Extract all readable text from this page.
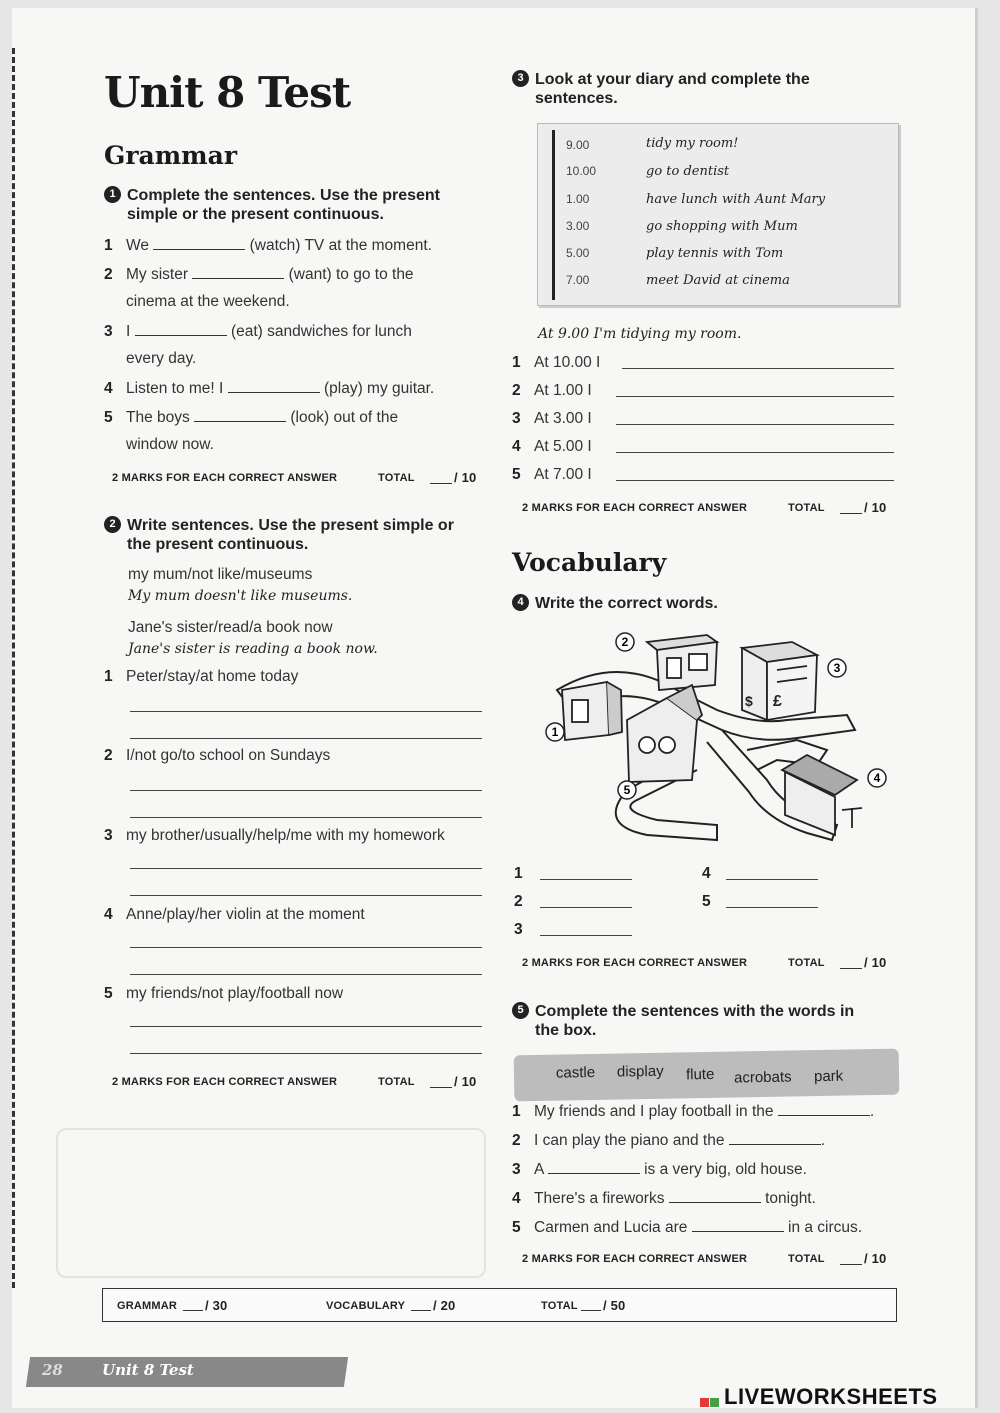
Unit 8 Test
Grammar
1 Complete the sentences. Use the present simple or the present continuous.
1 We	(watch) TV at the moment.
2 My sister	(want) to go to the
cinema at the weekend.
3 I	(eat) sandwiches for lunch
every day.
4 Listen to me! I	(play) my guitar.
5 The boys	(look) out of the
window now.
2 MARKS FOR EACH CORRECT ANSWER	TOTAL	/ 10
2 Write sentences. Use the present simple or the present continuous.
my mum/not like/museums
My mum doesn't like museums.
Jane's sister/read/a book now
Jane's sister is reading a book now.
1 Peter/stay/at home today
2 I/not go/to school on Sundays
3 my brother/usually/help/me with my homework
4 Anne/play/her violin at the moment
5 my friends/not play/football now
2 MARKS FOR EACH CORRECT ANSWER	TOTAL	/ 10
3 Look at your diary and complete the sentences.
9.00	tidy my room!
10.00	go to dentist
1.00	have lunch with Aunt Mary
3.00	go shopping with Mum
5.00	play tennis with Tom
7.00	meet David at cinema
At 9.00 I'm tidying my room.
1 At 10.00 I
2 At 1.00 I
3 At 3.00 I
4 At 5.00 I
5 At 7.00 I
2 MARKS FOR EACH CORRECT ANSWER	TOTAL	/ 10
Vocabulary
4 Write the correct words.
$ £
1
2
3
4
5
1	4
2	5
3
2 MARKS FOR EACH CORRECT ANSWER	TOTAL	/ 10
5 Complete the sentences with the words in the box.
castle display flute acrobats park
1 My friends and I play football in the	.
2 I can play the piano and the	.
3 A	is a very big, old house.
4 There's a fireworks	tonight.
5 Carmen and Lucia are	in a circus.
2 MARKS FOR EACH CORRECT ANSWER	TOTAL	/ 10
GRAMMAR / 30	VOCABULARY / 20	TOTAL / 50
28	Unit 8 Test

LIVEWORKSHEETS
